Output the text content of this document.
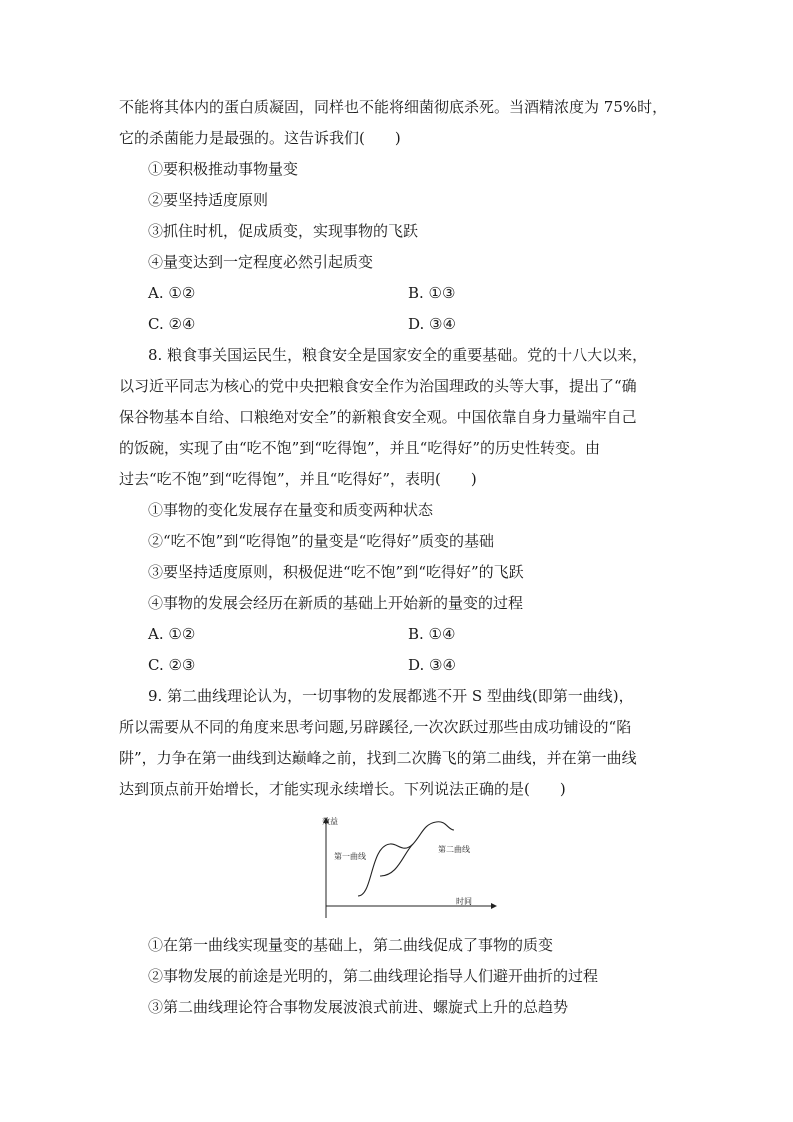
不能将其体内的蛋白质凝固，同样也不能将细菌彻底杀死。当酒精浓度为 75%时，
它的杀菌能力是最强的。这告诉我们(　　)
①要积极推动事物量变
②要坚持适度原则
③抓住时机，促成质变，实现事物的飞跃
④量变达到一定程度必然引起质变
A. ①②	B. ①③
C. ②④	D. ③④
8. 粮食事关国运民生，粮食安全是国家安全的重要基础。党的十八大以来，
以习近平同志为核心的党中央把粮食安全作为治国理政的头等大事，提出了“确
保谷物基本自给、口粮绝对安全”的新粮食安全观。中国依靠自身力量端牢自己
的饭碗，实现了由“吃不饱”到“吃得饱”，并且“吃得好”的历史性转变。由
过去“吃不饱”到“吃得饱”，并且“吃得好”，表明(　　)
①事物的变化发展存在量变和质变两种状态
②“吃不饱”到“吃得饱”的量变是“吃得好”质变的基础
③要坚持适度原则，积极促进“吃不饱”到“吃得好”的飞跃
④事物的发展会经历在新质的基础上开始新的量变的过程
A. ①②	B. ①④
C. ②③	D. ③④
9. 第二曲线理论认为，一切事物的发展都逃不开 S 型曲线(即第一曲线)，
所以需要从不同的角度来思考问题,另辟蹊径,一次次跃过那些由成功铺设的“陷
阱”，力争在第一曲线到达巅峰之前，找到二次腾飞的第二曲线，并在第一曲线
达到顶点前开始增长，才能实现永续增长。下列说法正确的是(　　)
效益
时间
第一曲线
第二曲线
①在第一曲线实现量变的基础上，第二曲线促成了事物的质变
②事物发展的前途是光明的，第二曲线理论指导人们避开曲折的过程
③第二曲线理论符合事物发展波浪式前进、螺旋式上升的总趋势
